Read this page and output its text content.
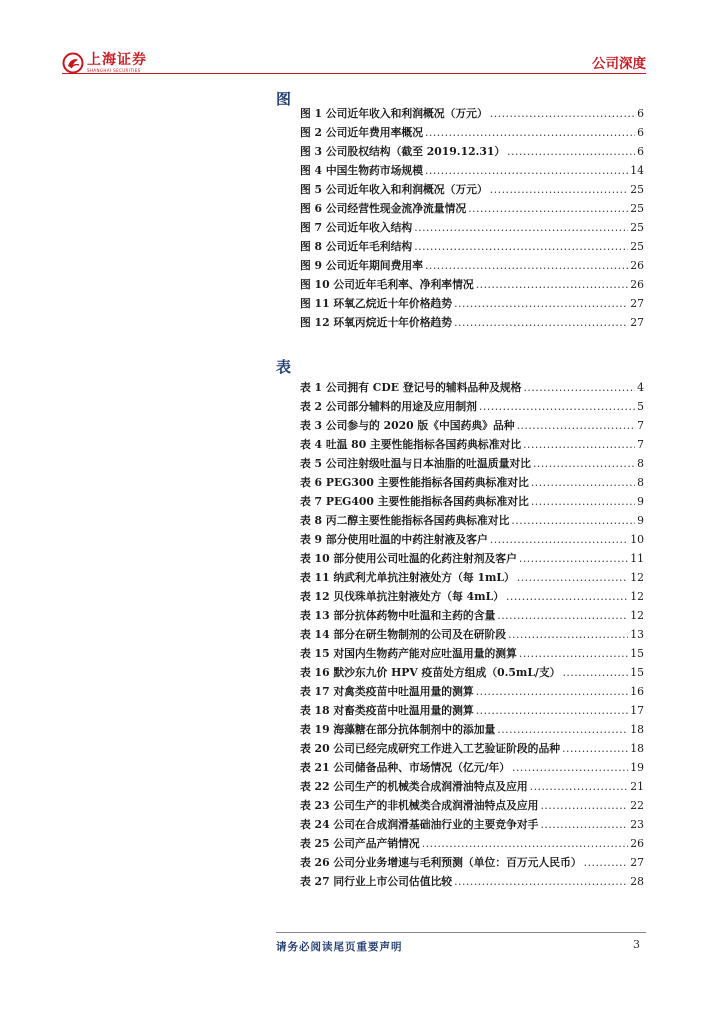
上海证券
SHANGHAI SECURITIES	公司深度
图
图 1 公司近年收入和利润概况（万元） .....	6
图 2 公司近年费用率概况 .....	6
图 3 公司股权结构（截至 2019.12.31） .....	6
图 4 中国生物药市场规模 .....	14
图 5 公司近年收入和利润概况（万元） .....	25
图 6 公司经营性现金流净流量情况 .....	25
图 7 公司近年收入结构 .....	25
图 8 公司近年毛利结构 .....	25
图 9 公司近年期间费用率 .....	26
图 10 公司近年毛利率、净利率情况 .....	26
图 11 环氧乙烷近十年价格趋势 .....	27
图 12 环氧丙烷近十年价格趋势 .....	27
表
表 1 公司拥有 CDE 登记号的辅料品种及规格 .....	4
表 2 公司部分辅料的用途及应用制剂 .....	5
表 3 公司参与的 2020 版《中国药典》品种 .....	7
表 4 吐温 80 主要性能指标各国药典标准对比 .....	7
表 5 公司注射级吐温与日本油脂的吐温质量对比 .....	8
表 6 PEG300 主要性能指标各国药典标准对比 .....	8
表 7 PEG400 主要性能指标各国药典标准对比 .....	9
表 8 丙二醇主要性能指标各国药典标准对比 .....	9
表 9 部分使用吐温的中药注射液及客户 .....	10
表 10 部分使用公司吐温的化药注射剂及客户 .....	11
表 11 纳武利尤单抗注射液处方（每 1mL） .....	12
表 12 贝伐珠单抗注射液处方（每 4mL） .....	12
表 13 部分抗体药物中吐温和主药的含量 .....	12
表 14 部分在研生物制剂的公司及在研阶段 .....	13
表 15 对国内生物药产能对应吐温用量的测算 .....	15
表 16 默沙东九价 HPV 疫苗处方组成（0.5mL/支） .....	15
表 17 对禽类疫苗中吐温用量的测算 .....	16
表 18 对畜类疫苗中吐温用量的测算 .....	17
表 19 海藻糖在部分抗体制剂中的添加量 .....	18
表 20 公司已经完成研究工作进入工艺验证阶段的品种 .....	18
表 21 公司储备品种、市场情况（亿元/年） .....	19
表 22 公司生产的机械类合成润滑油特点及应用 .....	21
表 23 公司生产的非机械类合成润滑油特点及应用 .....	22
表 24 公司在合成润滑基础油行业的主要竞争对手 .....	23
表 25 公司产品产销情况 .....	26
表 26 公司分业务增速与毛利预测（单位：百万元人民币） .....	27
表 27 同行业上市公司估值比较 .....	28
请务必阅读尾页重要声明	3
